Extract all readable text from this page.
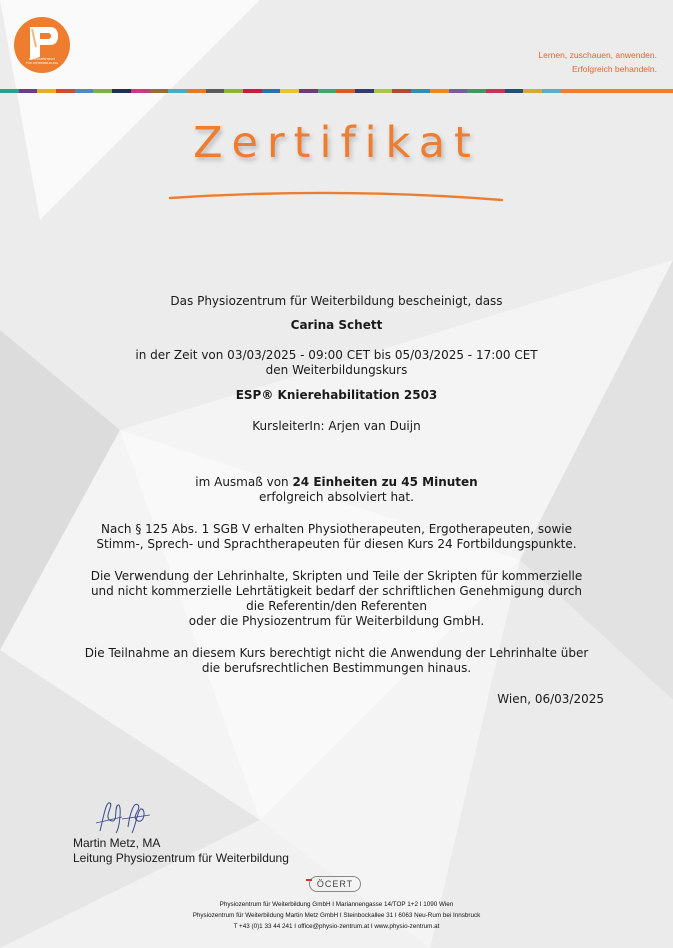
PHYSIOZENTRUM
FÜR WEITERBILDUNG
Lernen, zuschauen, anwenden.
Erfolgreich behandeln.
Zertifikat
Das Physiozentrum für Weiterbildung bescheinigt, dass
Carina Schett
in der Zeit von 03/03/2025 - 09:00 CET bis 05/03/2025 - 17:00 CET
den Weiterbildungskurs
ESP® Knierehabilitation 2503
KursleiterIn: Arjen van Duijn
im Ausmaß von 24 Einheiten zu 45 Minuten
erfolgreich absolviert hat.
Nach § 125 Abs. 1 SGB V erhalten Physiotherapeuten, Ergotherapeuten, sowie
Stimm-, Sprech- und Sprachtherapeuten für diesen Kurs 24 Fortbildungspunkte.
Die Verwendung der Lehrinhalte, Skripten und Teile der Skripten für kommerzielle
und nicht kommerzielle Lehrtätigkeit bedarf der schriftlichen Genehmigung durch
die Referentin/den Referenten
oder die Physiozentrum für Weiterbildung GmbH.
Die Teilnahme an diesem Kurs berechtigt nicht die Anwendung der Lehrinhalte über
die berufsrechtlichen Bestimmungen hinaus.
Wien, 06/03/2025
Martin Metz, MA
Leitung Physiozentrum für Weiterbildung
ÖCERT
Physiozentrum für Weiterbildung GmbH I Mariannengasse 14/TOP 1+2 I 1090 Wien
Physiozentrum für Weiterbildung Martin Metz GmbH I Steinbockallee 31 I 6063 Neu-Rum bei Innsbruck
T +43 (0)1 33 44 241 I office@physio-zentrum.at I www.physio-zentrum.at
